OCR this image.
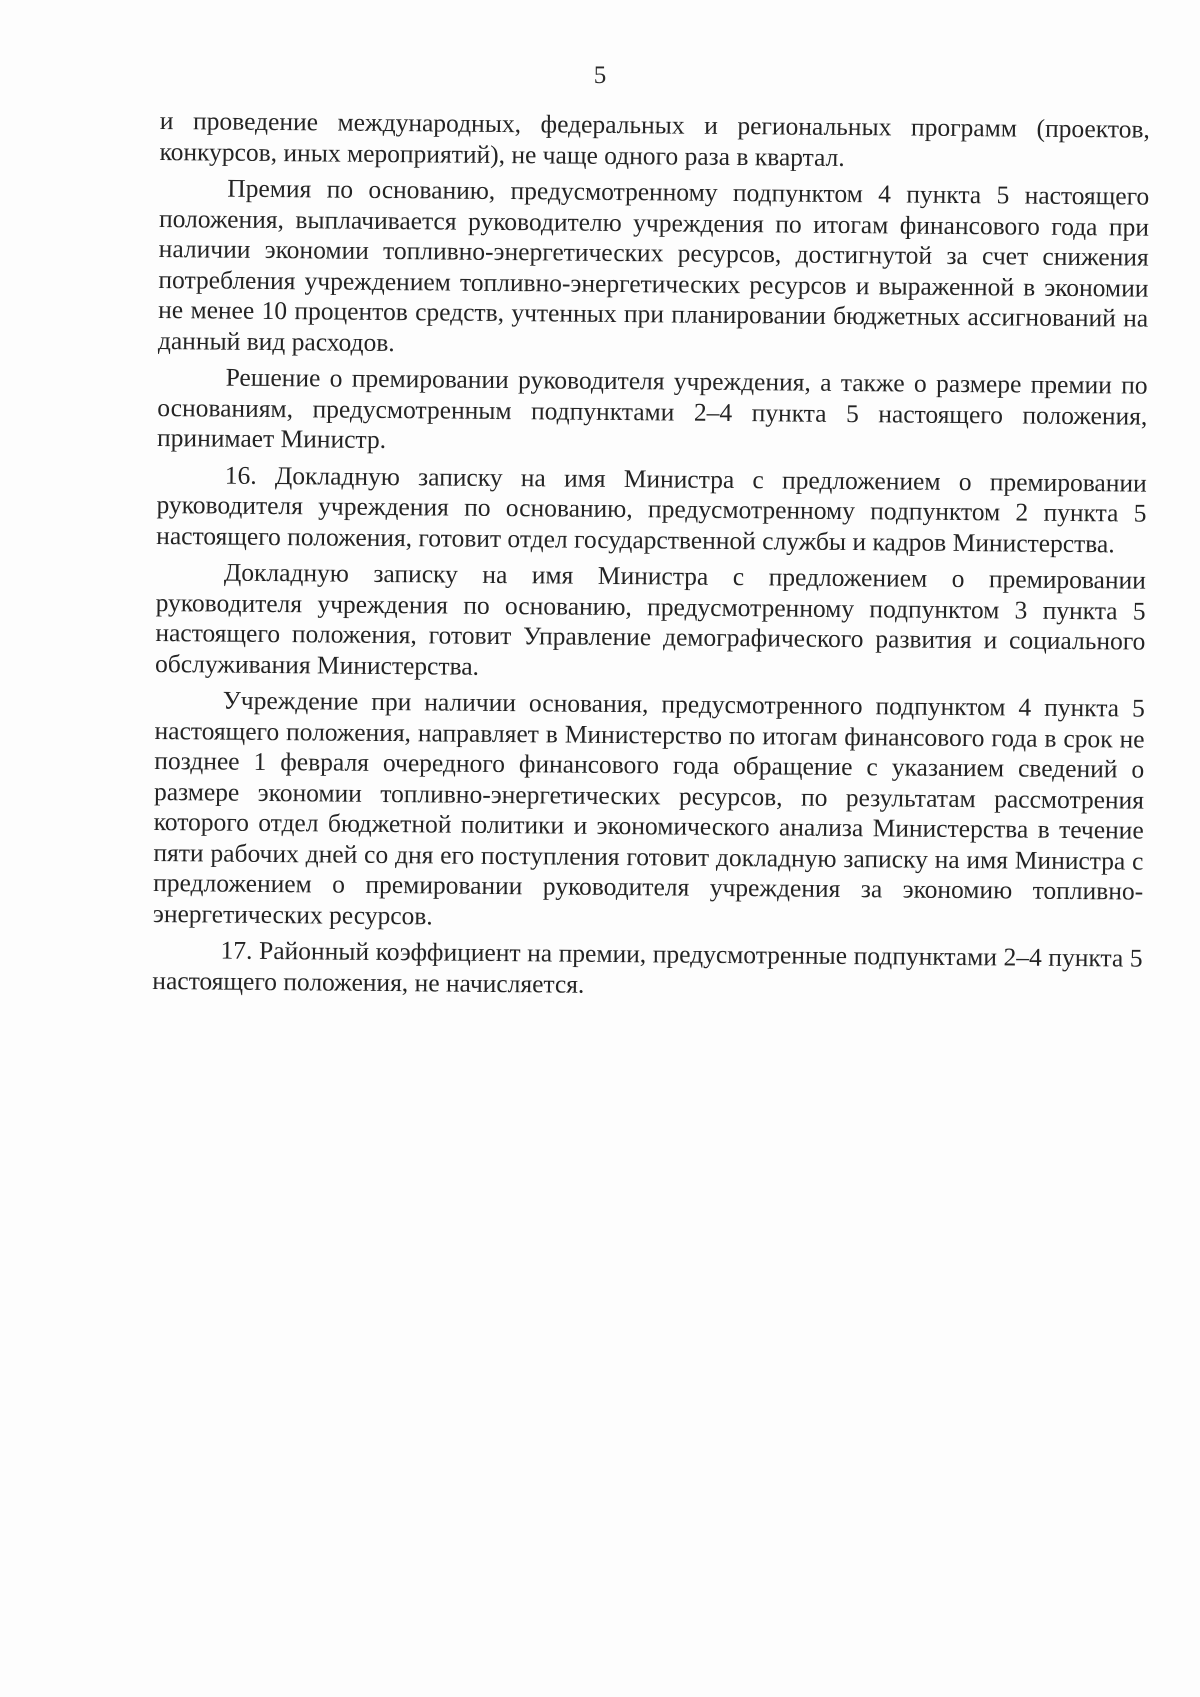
5

и проведение международных, федеральных и региональных программ (проектов, конкурсов, иных мероприятий), не чаще одного раза в квартал.

Премия по основанию, предусмотренному подпунктом 4 пункта 5 настоящего положения, выплачивается руководителю учреждения по итогам финансового года при наличии экономии топливно-энергетических ресурсов, достигнутой за счет снижения потребления учреждением топливно-энергетических ресурсов и выраженной в экономии не менее 10 процентов средств, учтенных при планировании бюджетных ассигнований на данный вид расходов.

Решение о премировании руководителя учреждения, а также о размере премии по основаниям, предусмотренным подпунктами 2–4 пункта 5 настоящего положения, принимает Министр.

16. Докладную записку на имя Министра с предложением о премировании руководителя учреждения по основанию, предусмотренному подпунктом 2 пункта 5 настоящего положения, готовит отдел государственной службы и кадров Министерства.

Докладную записку на имя Министра с предложением о премировании руководителя учреждения по основанию, предусмотренному подпунктом 3 пункта 5 настоящего положения, готовит Управление демографического развития и социального обслуживания Министерства.

Учреждение при наличии основания, предусмотренного подпунктом 4 пункта 5 настоящего положения, направляет в Министерство по итогам финансового года в срок не позднее 1 февраля очередного финансового года обращение с указанием сведений о размере экономии топливно-энергетических ресурсов, по результатам рассмотрения которого отдел бюджетной политики и экономического анализа Министерства в течение пяти рабочих дней со дня его поступления готовит докладную записку на имя Министра с предложением о премировании руководителя учреждения за экономию топливно-энергетических ресурсов.

17. Районный коэффициент на премии, предусмотренные подпунктами 2–4 пункта 5 настоящего положения, не начисляется.
